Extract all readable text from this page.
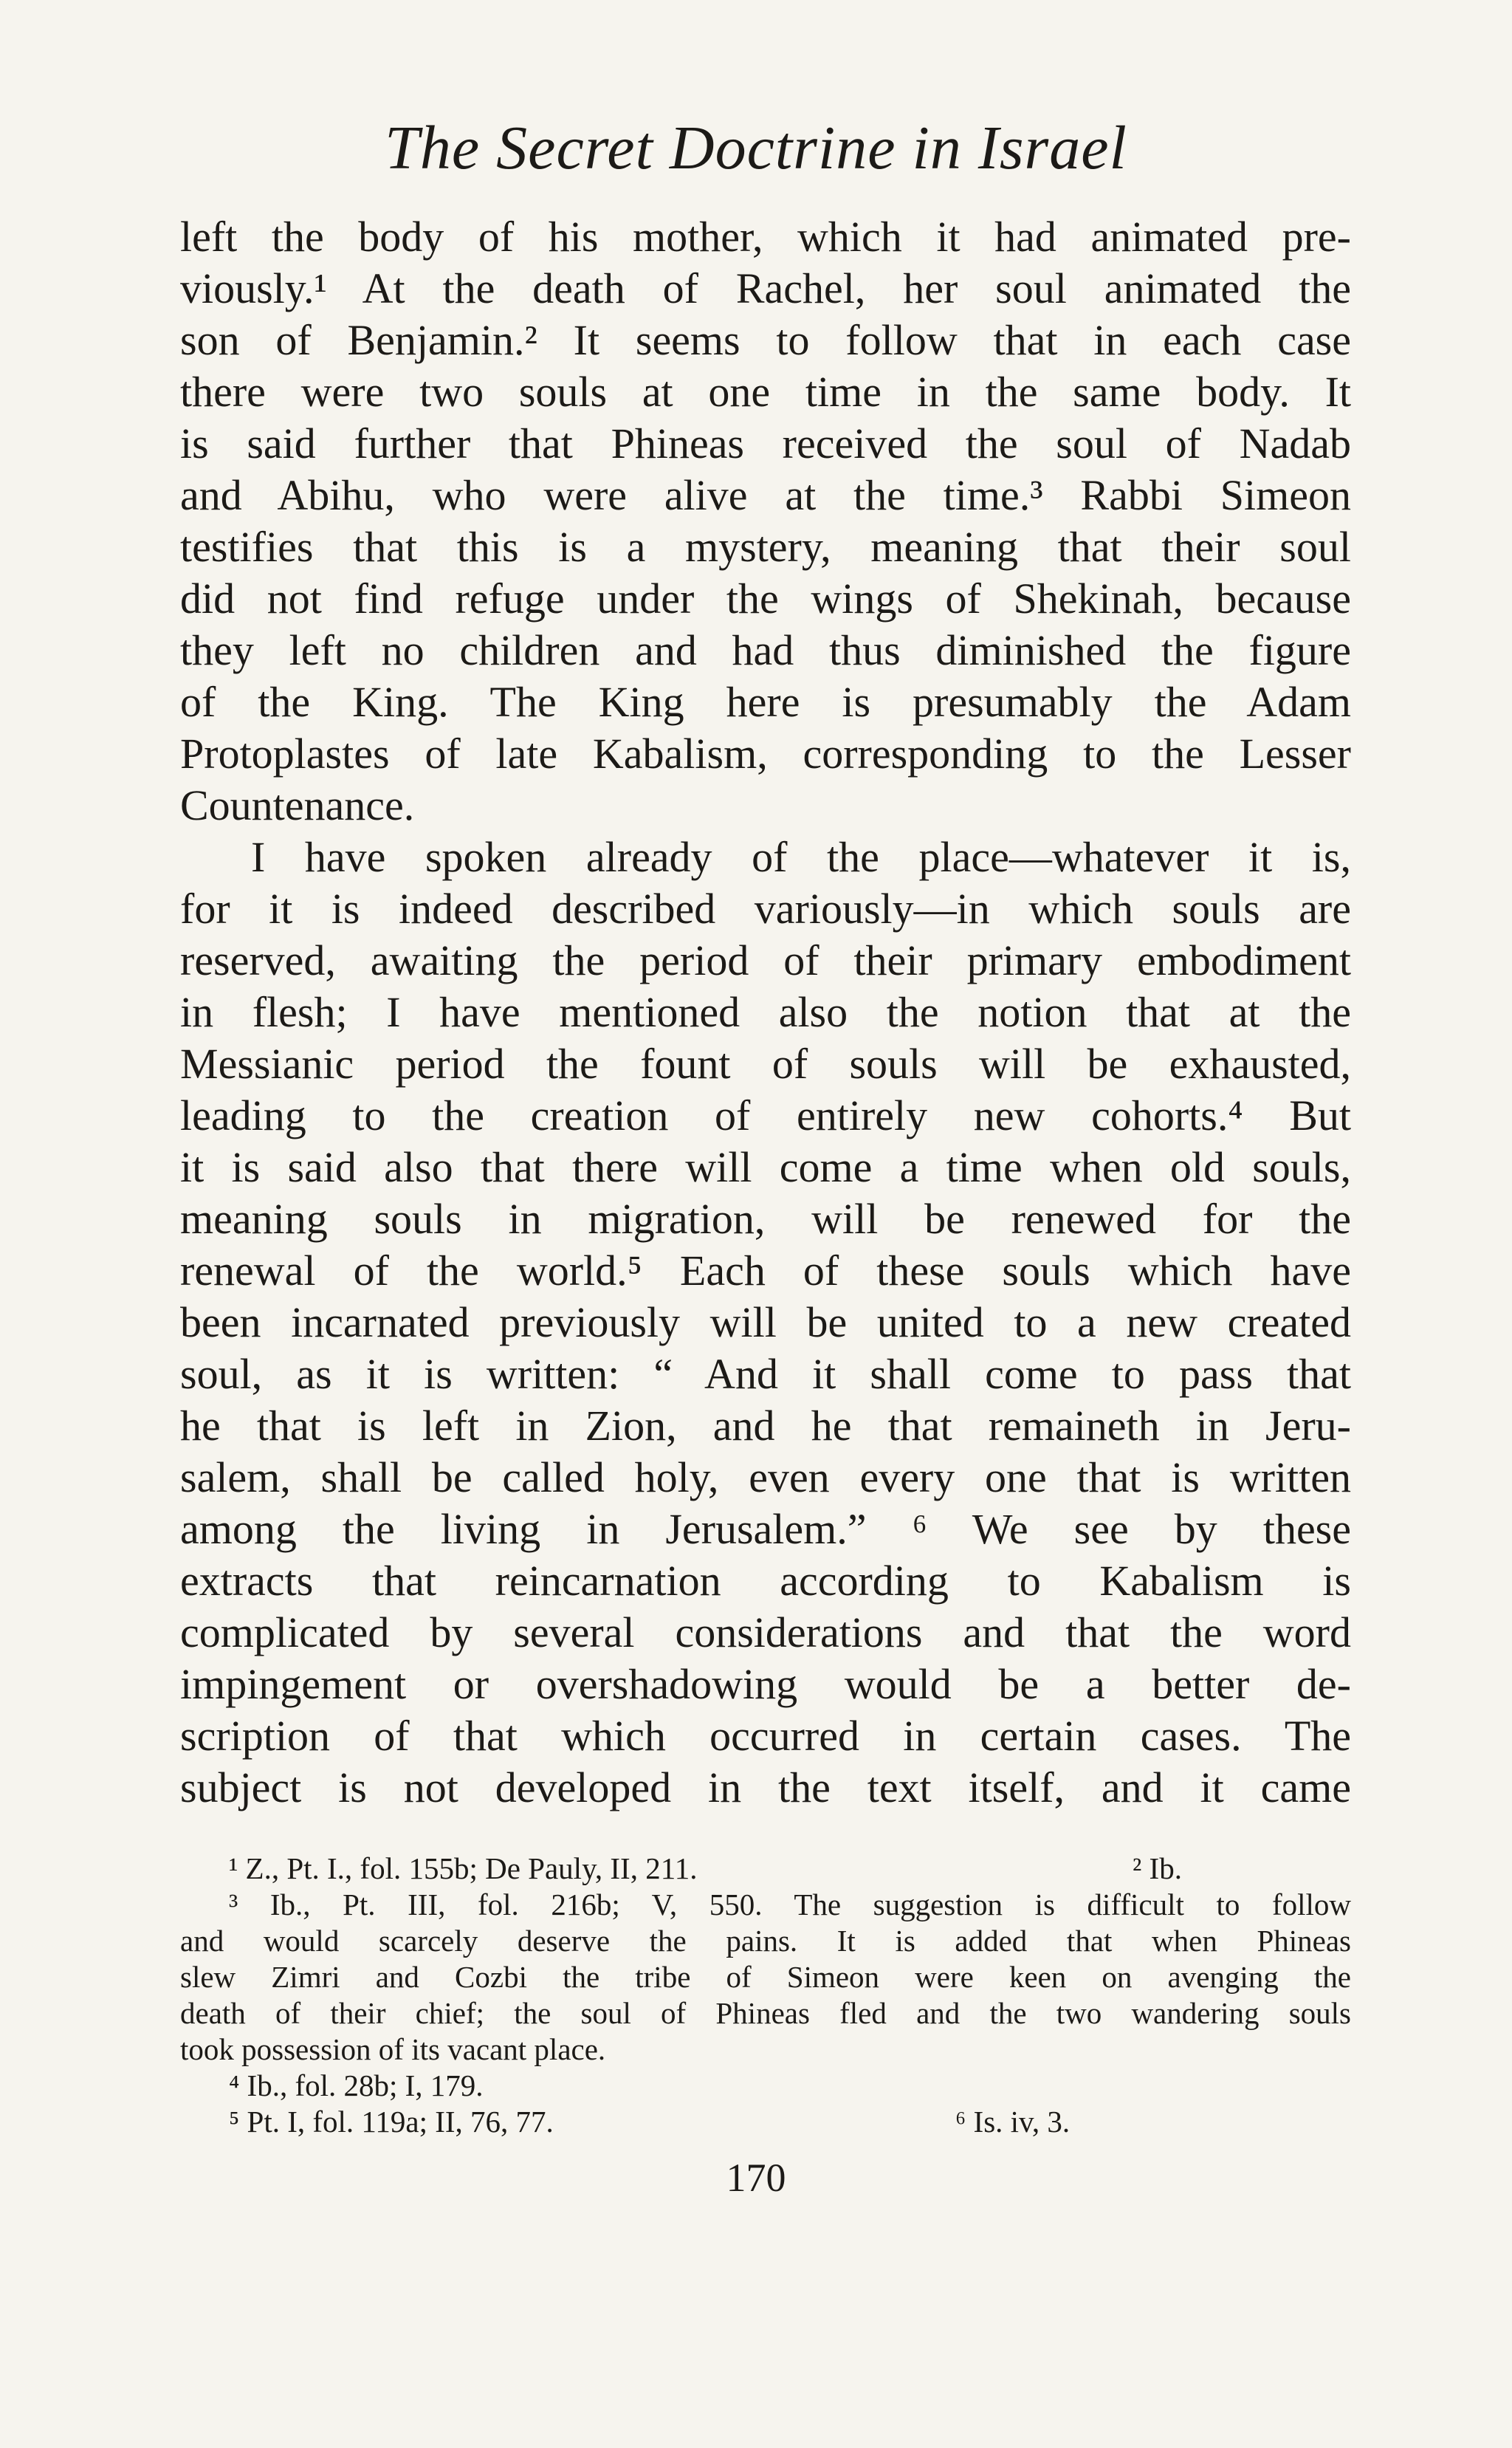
The Secret Doctrine in Israel
left the body of his mother, which it had animated pre-
viously.¹ At the death of Rachel, her soul animated the
son of Benjamin.² It seems to follow that in each case
there were two souls at one time in the same body. It
is said further that Phineas received the soul of Nadab
and Abihu, who were alive at the time.³ Rabbi Simeon
testifies that this is a mystery, meaning that their soul
did not find refuge under the wings of Shekinah, because
they left no children and had thus diminished the figure
of the King. The King here is presumably the Adam
Protoplastes of late Kabalism, corresponding to the Lesser
Countenance.
I have spoken already of the place—whatever it is,
for it is indeed described variously—in which souls are
reserved, awaiting the period of their primary embodiment
in flesh; I have mentioned also the notion that at the
Messianic period the fount of souls will be exhausted,
leading to the creation of entirely new cohorts.⁴ But
it is said also that there will come a time when old souls,
meaning souls in migration, will be renewed for the
renewal of the world.⁵ Each of these souls which have
been incarnated previously will be united to a new created
soul, as it is written: “ And it shall come to pass that
he that is left in Zion, and he that remaineth in Jeru-
salem, shall be called holy, even every one that is written
among the living in Jerusalem.” ⁶ We see by these
extracts that reincarnation according to Kabalism is
complicated by several considerations and that the word
impingement or overshadowing would be a better de-
scription of that which occurred in certain cases. The
subject is not developed in the text itself, and it came
¹ Z., Pt. I., fol. 155b; De Pauly, II, 211.	² Ib.
³ Ib., Pt. III, fol. 216b; V, 550. The suggestion is difficult to follow
and would scarcely deserve the pains. It is added that when Phineas
slew Zimri and Cozbi the tribe of Simeon were keen on avenging the
death of their chief; the soul of Phineas fled and the two wandering souls
took possession of its vacant place.
⁴ Ib., fol. 28b; I, 179.
⁵ Pt. I, fol. 119a; II, 76, 77.	⁶ Is. iv, 3.
170
